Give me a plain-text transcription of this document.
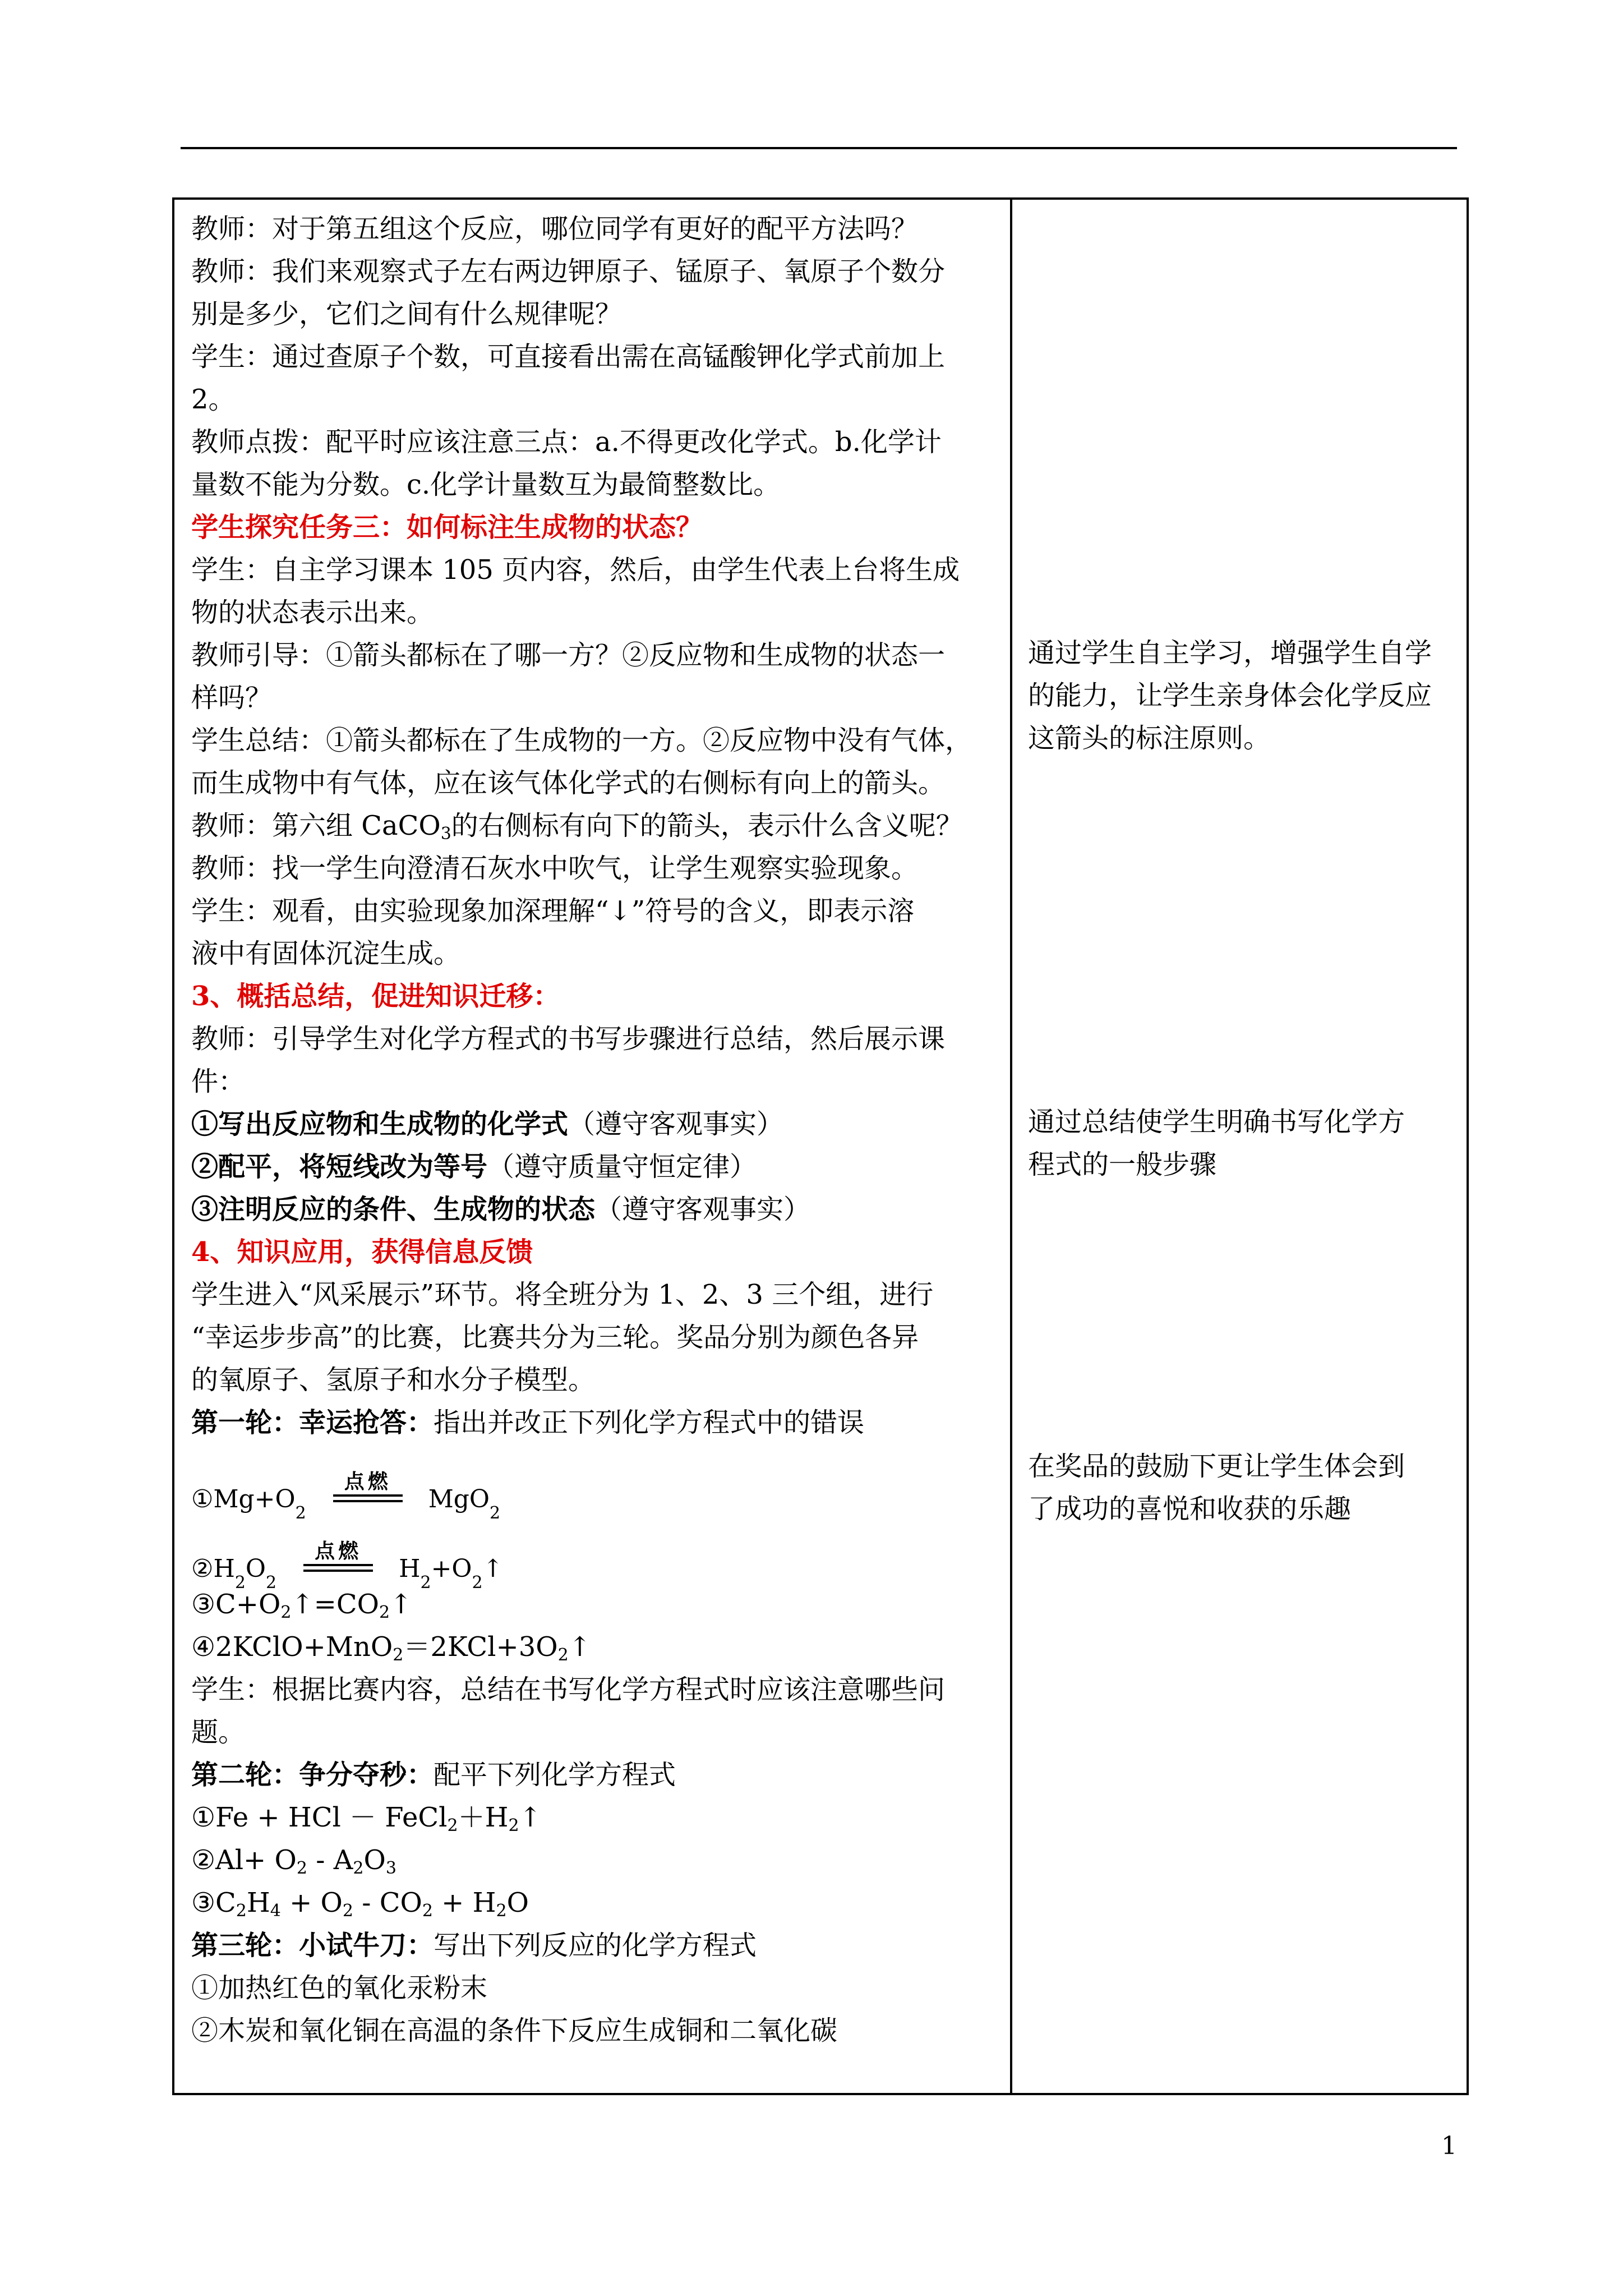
教师：对于第五组这个反应，哪位同学有更好的配平方法吗？
教师：我们来观察式子左右两边钾原子、锰原子、氧原子个数分
别是多少，它们之间有什么规律呢？
学生：通过查原子个数，可直接看出需在高锰酸钾化学式前加上
2。
教师点拨：配平时应该注意三点：a.不得更改化学式。b.化学计
量数不能为分数。c.化学计量数互为最简整数比。
学生探究任务三：如何标注生成物的状态？
学生：自主学习课本 105 页内容，然后，由学生代表上台将生成
物的状态表示出来。
教师引导：①箭头都标在了哪一方？②反应物和生成物的状态一
样吗？
学生总结：①箭头都标在了生成物的一方。②反应物中没有气体，
而生成物中有气体，应在该气体化学式的右侧标有向上的箭头。
教师：第六组 CaCO$_3$的右侧标有向下的箭头，表示什么含义呢？
教师：找一学生向澄清石灰水中吹气，让学生观察实验现象。
学生：观看，由实验现象加深理解“↓”符号的含义，即表示溶
液中有固体沉淀生成。
3、概括总结，促进知识迁移：
教师：引导学生对化学方程式的书写步骤进行总结，然后展示课
件：
①写出反应物和生成物的化学式（遵守客观事实）
②配平，将短线改为等号（遵守质量守恒定律）
③注明反应的条件、生成物的状态（遵守客观事实）
4、知识应用，获得信息反馈
学生进入“风采展示”环节。将全班分为 1、2、3 三个组，进行
“幸运步步高”的比赛，比赛共分为三轮。奖品分别为颜色各异
的氧原子、氢原子和水分子模型。
第一轮：幸运抢答：指出并改正下列化学方程式中的错误
①Mg+O 2
点燃
MgO 2
②H 2 O 2
点燃
H 2 +O 2 ↑
$③C+O_2↑=CO_2↑$
$④2KClO+MnO_2=2KCl+3O_2↑$
学生：根据比赛内容，总结在书写化学方程式时应该注意哪些问
题。
第二轮：争分夺秒：配平下列化学方程式
①Fe + HCl － $FeCl_2+H_2↑$
②Al+ $O_2 - A_2O_3$
$③C_2H_4 + O_2 - CO_2 + H_2O$
第三轮：小试牛刀：写出下列反应的化学方程式
①加热红色的氧化汞粉末
②木炭和氧化铜在高温的条件下反应生成铜和二氧化碳
通过学生自主学习，增强学生自学
的能力，让学生亲身体会化学反应
这箭头的标注原则。
通过总结使学生明确书写化学方
程式的一般步骤
在奖品的鼓励下更让学生体会到
了成功的喜悦和收获的乐趣
1
